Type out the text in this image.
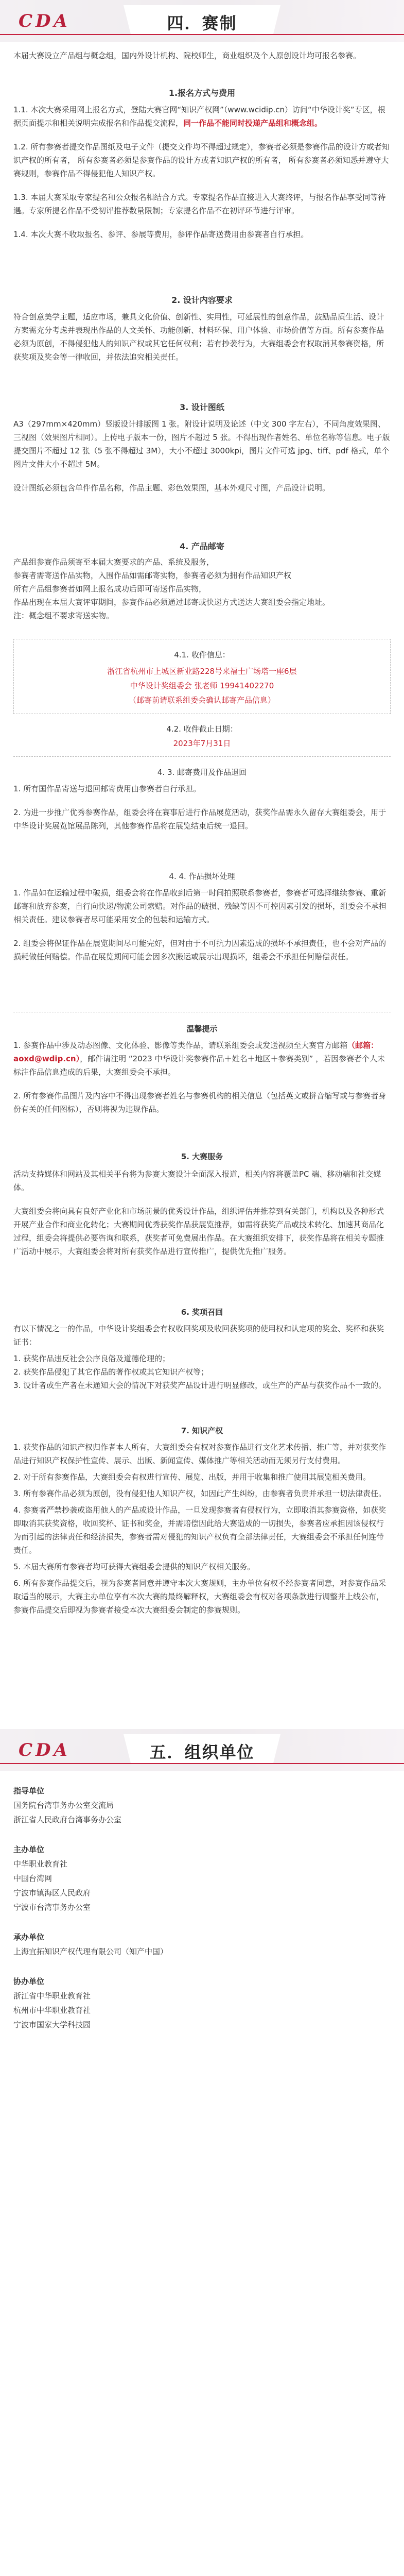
CDA	四．赛制

本届大赛设立产品组与概念组，国内外设计机构、院校师生，商业组织及个人原创设计均可报名参赛。

1.报名方式与费用

1.1. 本次大赛采用网上报名方式，登陆大赛官网“知识产权网”（www.wcidip.cn）访问“中华设计奖”专区，根据页面提示和相关说明完成报名和作品提交流程，同一作品不能同时投递产品组和概念组。

1.2. 所有参赛者提交作品图纸及电子文件（提交文件均不得超过规定），参赛者必须是参赛作品的设计方或者知识产权的所有者， 所有参赛者必须是参赛作品的设计方或者知识产权的所有者， 所有参赛者必须知悉并遵守大赛规则，参赛作品不得侵犯他人知识产权。

1.3. 本届大赛采取专家提名和公众报名相结合方式。专家提名作品直接进入大赛终评，与报名作品享受同等待遇。专家所提名作品不受初评推荐数量限制；专家提名作品不在初评环节进行评审。

1.4. 本次大赛不收取报名、参评、参展等费用，参评作品寄送费用由参赛者自行承担。

2. 设计内容要求

符合创意美学主题，适应市场，兼具文化价值、创新性、实用性，可延展性的创意作品，鼓励品质生活、设计方案需充分考虑并表现出作品的人文关怀、功能创新、材料环保、用户体验、市场价值等方面。所有参赛作品必须为原创，不得侵犯他人的知识产权或其它任何权利；若有抄袭行为，大赛组委会有权取消其参赛资格，所获奖项及奖金等一律收回，并依法追究相关责任。

3. 设计图纸

A3（297mm×420mm）竖版设计排版图 1 张。附设计说明及论述（中文 300 字左右），不同角度效果图、三视图（效果图片相同）。上传电子版本一份，图片不超过 5 张。不得出现作者姓名、单位名称等信息。电子版提交图片不超过 12 张（5 张不得超过 3M），大小不超过 3000kpi，图片文件可选 jpg、tiff、pdf 格式，单个图片文件大小不超过 5M。

设计图纸必须包含单件作品名称，作品主题、彩色效果图，基本外观尺寸图，产品设计说明。

4. 产品邮寄

产品组参赛作品须寄至本届大赛要求的产品、系统及服务，

参赛者需寄送作品实物，入围作品如需邮寄实物，参赛者必须为拥有作品知识产权

所有产品组参赛者如网上报名成功后即可寄送作品实物，

作品出现在本届大赛评审期间，参赛作品必须通过邮寄或快递方式送达大赛组委会指定地址。

注：概念组不要求寄送实物。

4.1. 收件信息：
浙江省杭州市上城区新业路228号来福士广场塔一座6层
中华设计奖组委会 张老师 19941402270
（邮寄前请联系组委会确认邮寄产品信息）
4.2. 收件截止日期：
2023年7月31日
4. 3. 邮寄费用及作品退回

1. 所有国作品寄送与退回邮寄费用由参赛者自行承担。

2. 为进一步推广优秀参赛作品，组委会将在赛事后进行作品展览活动，获奖作品需永久留存大赛组委会，用于中华设计奖展览馆展品陈列，其他参赛作品将在展览结束后统一退回。

4. 4. 作品损坏处理

1. 作品如在运输过程中破损，组委会将在作品收到后第一时间拍照联系参赛者，参赛者可选择继续参赛、重新邮寄和放弃参赛，自行向快递/物流公司索赔。对作品的破损、残缺等因不可控因素引发的损坏，组委会不承担相关责任。建议参赛者尽可能采用安全的包装和运输方式。

2. 组委会将保证作品在展览期间尽可能完好，但对由于不可抗力因素造成的损坏不承担责任，也不会对产品的损耗做任何赔偿。作品在展览期间可能会因多次搬运或展示出现损坏，组委会不承担任何赔偿责任。

温馨提示

1. 参赛作品中涉及动态图像、文化体验、影像等类作品，请联系组委会或发送视频至大赛官方邮箱（邮箱：aoxd@wdip.cn），邮件请注明 “2023 中华设计奖参赛作品＋姓名＋地区＋参赛类别” ，若因参赛者个人未标注作品信息造成的后果，大赛组委会不承担。

2. 所有参赛作品图片及内容中不得出现参赛者姓名与参赛机构的相关信息（包括英文或拼音缩写或与参赛者身份有关的任何图标），否则将视为违规作品。

5. 大赛服务

活动支持媒体和网站及其相关平台将为参赛大赛设计全面深入报道，相关内容将覆盖PC 端、移动端和社交媒体。

大赛组委会将向具有良好产业化和市场前景的优秀设计作品，组织评估并推荐到有关部门，机构以及各种形式开展产业合作和商业化转化；大赛期间优秀获奖作品获展览推荐，如需将获奖产品或技术转化、加速其商品化过程，组委会将提供必要咨询和联系，获奖者可免费展出作品。在大赛组织安排下，获奖作品将在相关专题推广活动中展示，大赛组委会将对所有获奖作品进行宣传推广，提供优先推广服务。

6. 奖项召回

有以下情况之一的作品，中华设计奖组委会有权收回奖项及收回获奖项的使用权和认定项的奖金、奖杯和获奖证书：

1. 获奖作品违反社会公序良俗及道德伦理的；

2. 获奖作品侵犯了其它作品的著作权或其它知识产权等；

3. 设计者或生产者在未通知大会的情况下对获奖产品设计进行明显修改，或生产的产品与获奖作品不一致的。

7. 知识产权

1. 获奖作品的知识产权归作者本人所有，大赛组委会有权对参赛作品进行文化艺术传播、推广等，并对获奖作品进行知识产权保护性宣传、展示、出版、新闻宣传、媒体推广等相关活动而无须另行支付费用。

2. 对于所有参赛作品，大赛组委会有权进行宣传、展览、出版，并用于收集和推广使用其展览相关费用。

3. 所有参赛作品必须为原创，没有侵犯他人知识产权，如因此产生纠纷，由参赛者负责并承担一切法律责任。

4. 参赛者严禁抄袭或盗用他人的产品或设计作品，一旦发现参赛者有侵权行为，立即取消其参赛资格，如获奖即取消其获奖资格，收回奖杯、证书和奖金，并需赔偿因此给大赛造成的一切损失，参赛者应承担因该侵权行为而引起的法律责任和经济损失，参赛者需对侵犯的知识产权负有全部法律责任，大赛组委会不承担任何连带责任。

5. 本届大赛所有参赛者均可获得大赛组委会提供的知识产权相关服务。

6. 所有参赛作品提交后，视为参赛者同意并遵守本次大赛规则，主办单位有权不经参赛者同意，对参赛作品采取适当的展示，大赛主办单位享有本次大赛的最终解释权，大赛组委会有权对各项条款进行调整并上线公布，参赛作品提交后即视为参赛者接受本次大赛组委会制定的参赛规则。

CDA	五．组织单位
指导单位
国务院台湾事务办公室交流局
浙江省人民政府台湾事务办公室
主办单位
中华职业教育社
中国台湾网
宁波市镇海区人民政府
宁波市台湾事务办公室
承办单位
上海宜拓知识产权代理有限公司（知产中国）
协办单位
浙江省中华职业教育社
杭州市中华职业教育社
宁波市国家大学科技园
